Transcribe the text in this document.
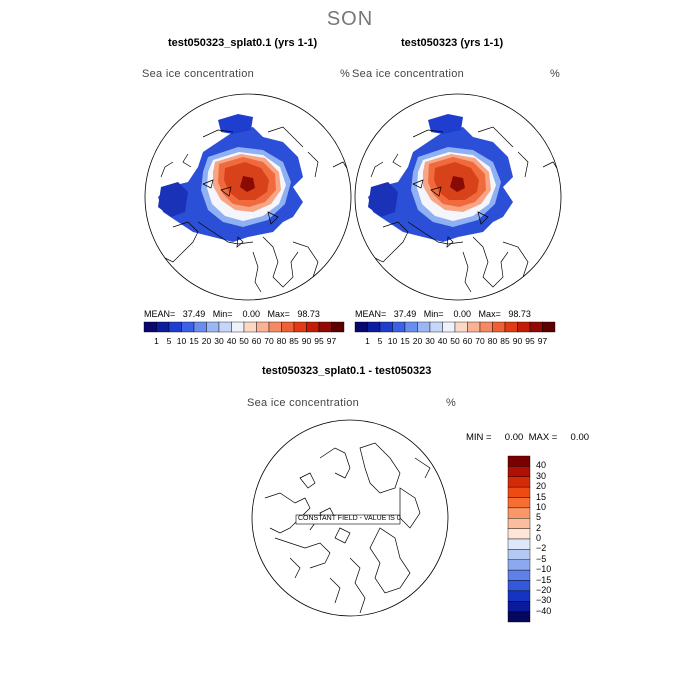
SON
test050323_splat0.1 (yrs 1-1)
Sea ice concentration	%
MEAN=   37.49   Min=    0.00   Max=   98.73
1 5 10 15 20 30 40 50 60 70 80 85 90 95 97
test050323 (yrs 1-1)
Sea ice concentration	%
MEAN=   37.49   Min=    0.00   Max=   98.73
1 5 10 15 20 30 40 50 60 70 80 85 90 95 97
test050323_splat0.1 - test050323
Sea ice concentration	%
MIN =     0.00  MAX =     0.00
CONSTANT FIELD - VALUE IS 0
40
30
20
15
10
5
2
0
−2
−5
−10
−15
−20
−30
−40
